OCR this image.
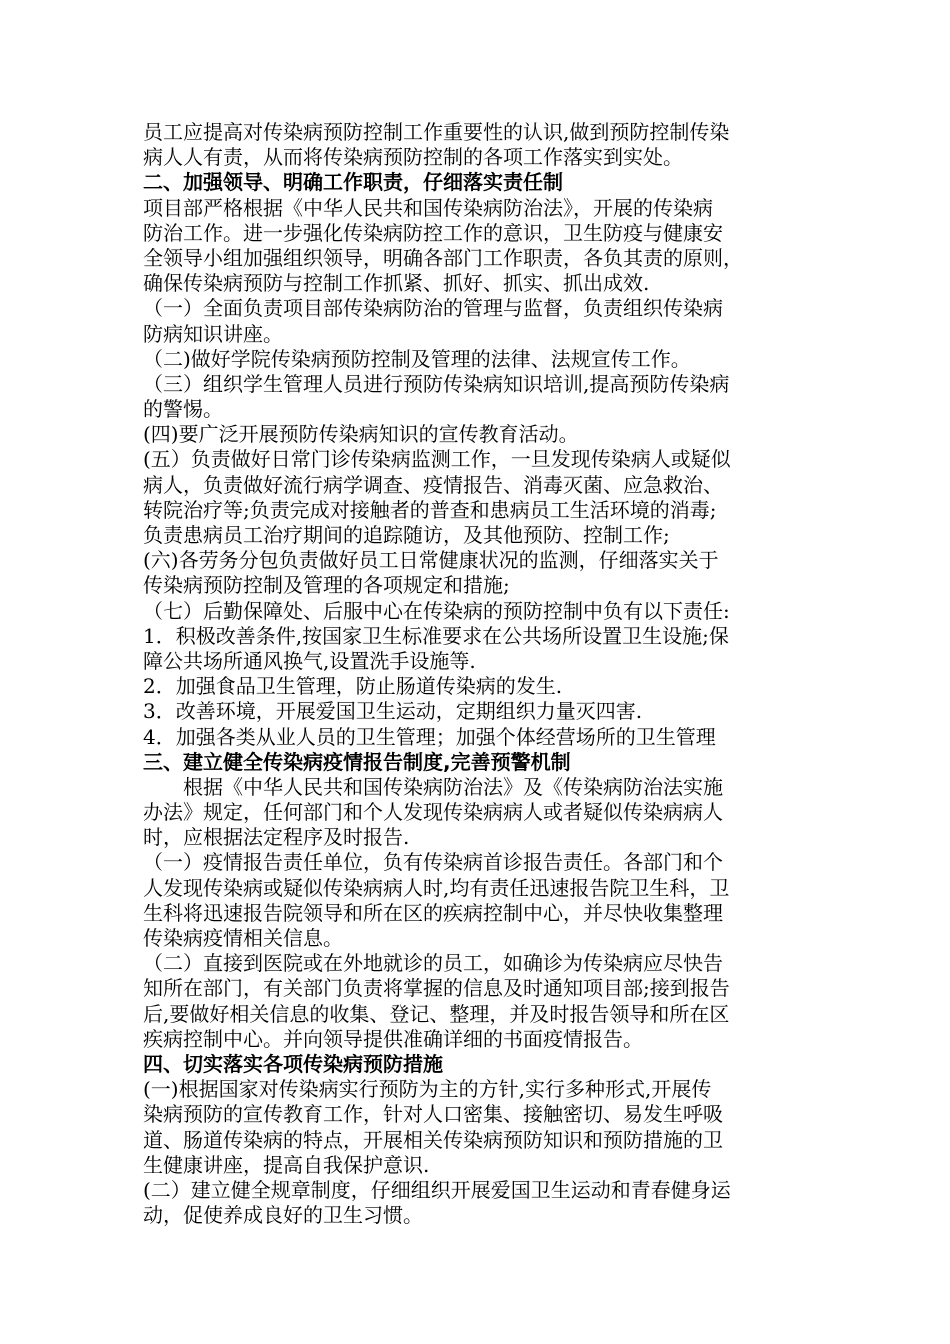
员工应提高对传染病预防控制工作重要性的认识,做到预防控制传染
病人人有责，从而将传染病预防控制的各项工作落实到实处。
二、加强领导、明确工作职责，仔细落实责任制
项目部严格根据《中华人民共和国传染病防治法》，开展的传染病
防治工作。进一步强化传染病防控工作的意识，卫生防疫与健康安
全领导小组加强组织领导，明确各部门工作职责，各负其责的原则，
确保传染病预防与控制工作抓紧、抓好、抓实、抓出成效.
（一）全面负责项目部传染病防治的管理与监督，负责组织传染病
防病知识讲座。
（二)做好学院传染病预防控制及管理的法律、法规宣传工作。
（三）组织学生管理人员进行预防传染病知识培训,提高预防传染病
的警惕。
(四)要广泛开展预防传染病知识的宣传教育活动。
(五）负责做好日常门诊传染病监测工作，一旦发现传染病人或疑似
病人，负责做好流行病学调查、疫情报告、消毒灭菌、应急救治、
转院治疗等;负责完成对接触者的普查和患病员工生活环境的消毒;
负责患病员工治疗期间的追踪随访，及其他预防、控制工作;
(六)各劳务分包负责做好员工日常健康状况的监测，仔细落实关于
传染病预防控制及管理的各项规定和措施;
（七）后勤保障处、后服中心在传染病的预防控制中负有以下责任:
1．积极改善条件,按国家卫生标准要求在公共场所设置卫生设施;保
障公共场所通风换气,设置洗手设施等.
2．加强食品卫生管理，防止肠道传染病的发生.
3．改善环境，开展爱国卫生运动，定期组织力量灭四害.
4．加强各类从业人员的卫生管理；加强个体经营场所的卫生管理
三、建立健全传染病疫情报告制度,完善预警机制
根据《中华人民共和国传染病防治法》及《传染病防治法实施
办法》规定，任何部门和个人发现传染病病人或者疑似传染病病人
时，应根据法定程序及时报告.
（一）疫情报告责任单位，负有传染病首诊报告责任。各部门和个
人发现传染病或疑似传染病病人时,均有责任迅速报告院卫生科，卫
生科将迅速报告院领导和所在区的疾病控制中心，并尽快收集整理
传染病疫情相关信息。
（二）直接到医院或在外地就诊的员工，如确诊为传染病应尽快告
知所在部门，有关部门负责将掌握的信息及时通知项目部;接到报告
后,要做好相关信息的收集、登记、整理，并及时报告领导和所在区
疾病控制中心。并向领导提供准确详细的书面疫情报告。
四、切实落实各项传染病预防措施
(一)根据国家对传染病实行预防为主的方针,实行多种形式,开展传
染病预防的宣传教育工作，针对人口密集、接触密切、易发生呼吸
道、肠道传染病的特点，开展相关传染病预防知识和预防措施的卫
生健康讲座，提高自我保护意识.
(二）建立健全规章制度，仔细组织开展爱国卫生运动和青春健身运
动，促使养成良好的卫生习惯。
